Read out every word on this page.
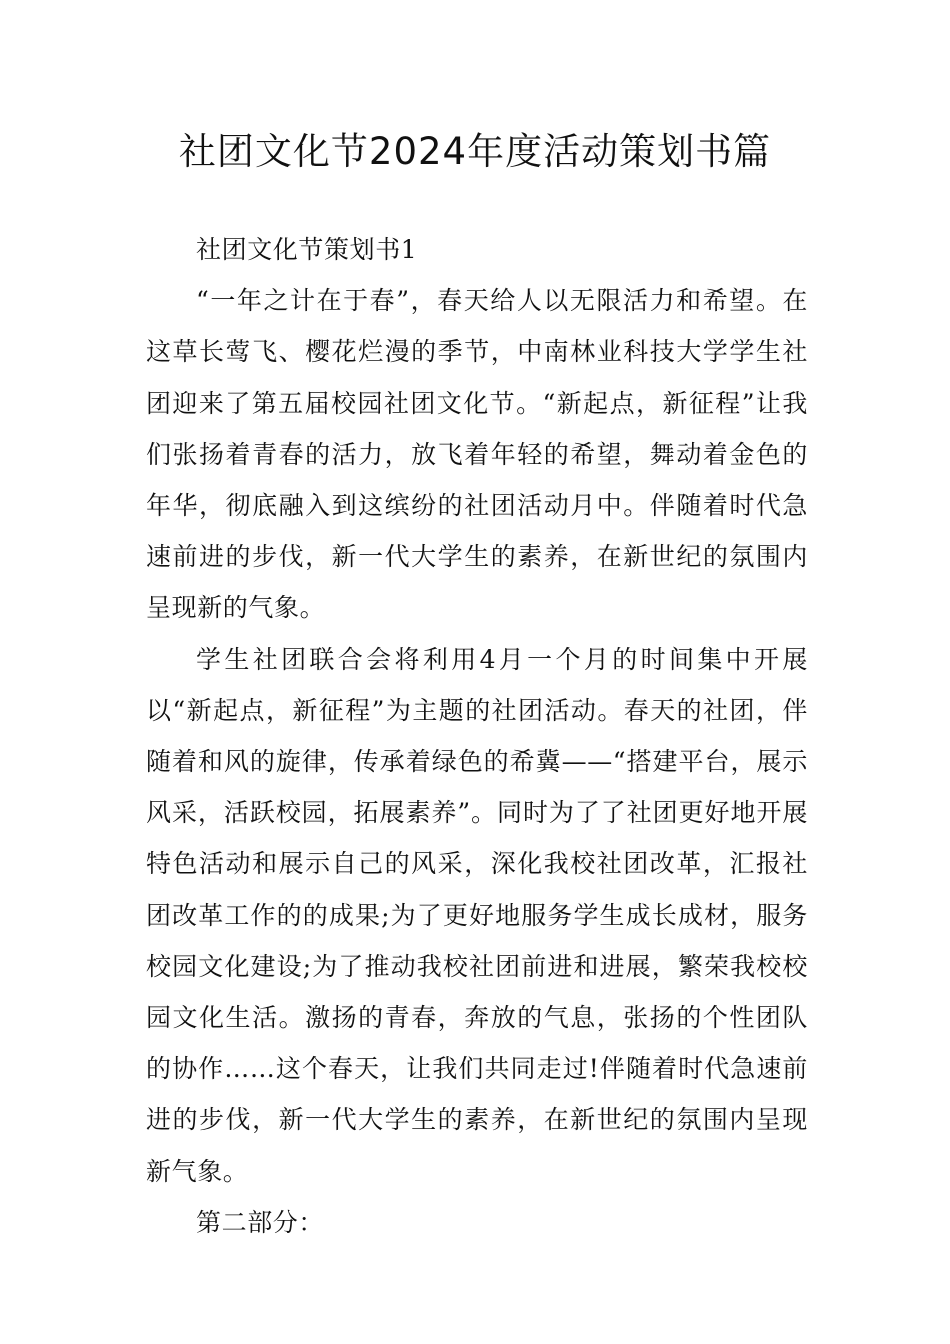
社团文化节2024年度活动策划书篇

社团文化节策划书1

“一年之计在于春”，春天给人以无限活力和希望。在这草长莺飞、樱花烂漫的季节，中南林业科技大学学生社团迎来了第五届校园社团文化节。“新起点，新征程”让我们张扬着青春的活力，放飞着年轻的希望，舞动着金色的年华，彻底融入到这缤纷的社团活动月中。伴随着时代急速前进的步伐，新一代大学生的素养，在新世纪的氛围内呈现新的气象。

学生社团联合会将利用4月一个月的时间集中开展以“新起点，新征程”为主题的社团活动。春天的社团，伴随着和风的旋律，传承着绿色的希冀——“搭建平台，展示风采，活跃校园，拓展素养”。同时为了了社团更好地开展特色活动和展示自己的风采，深化我校社团改革，汇报社团改革工作的的成果;为了更好地服务学生成长成材，服务校园文化建设;为了推动我校社团前进和进展，繁荣我校校园文化生活。激扬的青春，奔放的气息，张扬的个性团队的协作……这个春天，让我们共同走过!伴随着时代急速前进的步伐，新一代大学生的素养，在新世纪的氛围内呈现新气象。

第二部分：
